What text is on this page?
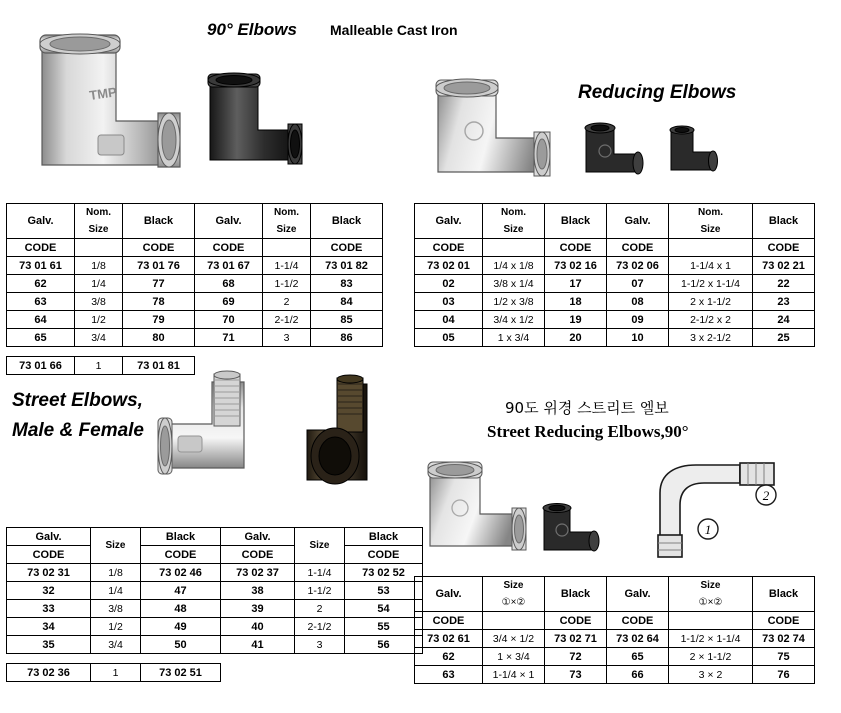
90° Elbows Malleable Cast Iron
TMP
Galv.	Nom.	Black	Galv.	Nom.	Black
	Size			Size	
CODE		CODE	CODE		CODE
73 01 61	1/8	73 01 76	73 01 67	1-1/4	73 01 82
62	1/4	77	68	1-1/2	83
63	3/8	78	69	2	84
64	1/2	79	70	2-1/2	85
65	3/4	80	71	3	86

73 01 66	1	73 01 81			
Reducing Elbows
Galv.	Nom.	Black	Galv.	Nom.	Black
	Size			Size	
CODE		CODE	CODE		CODE
73 02 01	1/4 x 1/8	73 02 16	73 02 06	1-1/4 x 1	73 02 21
02	3/8 x 1/4	17	07	1-1/2 x 1-1/4	22
03	1/2 x 3/8	18	08	2 x 1-1/2	23
04	3/4 x 1/2	19	09	2-1/2 x 2	24
05	1 x 3/4	20	10	3 x 2-1/2	25
Street Elbows,
Male & Female
Galv.	Size	Black	Galv.	Size	Black
CODE		CODE	CODE		CODE
73 02 31	1/8	73 02 46	73 02 37	1-1/4	73 02 52
32	1/4	47	38	1-1/2	53
33	3/8	48	39	2	54
34	1/2	49	40	2-1/2	55
35	3/4	50	41	3	56

73 02 36	1	73 02 51			
90도 위경 스트리트 엘보
Street Reducing Elbows,90°
2
1
Galv.	Size	Black	Galv.	Size	Black
	①×②			①×②	
CODE		CODE	CODE		CODE
73 02 61	3/4 × 1/2	73 02 71	73 02 64	1-1/2 × 1-1/4	73 02 74
62	1 × 3/4	72	65	2 × 1-1/2	75
63	1-1/4 × 1	73	66	3 × 2	76
